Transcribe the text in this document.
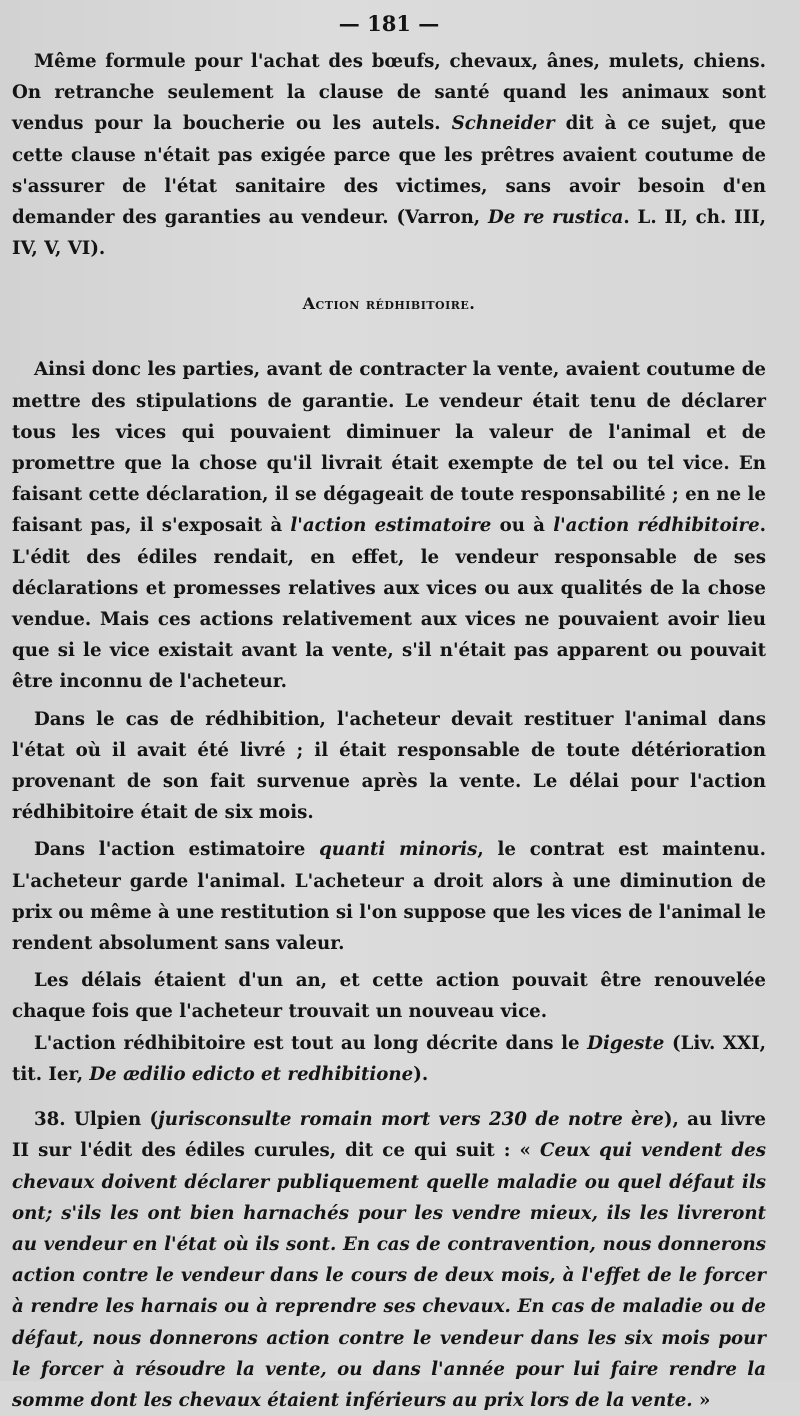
— 181 —

Même formule pour l'achat des bœufs, chevaux, ânes, mulets, chiens. On retranche seulement la clause de santé quand les animaux sont vendus pour la boucherie ou les autels. Schneider dit à ce sujet, que cette clause n'était pas exigée parce que les prêtres avaient coutume de s'assurer de l'état sanitaire des victimes, sans avoir besoin d'en demander des garanties au vendeur. (Varron, De re rustica. L. II, ch. III, IV, V, VI).

Action rédhibitoire.

Ainsi donc les parties, avant de contracter la vente, avaient coutume de mettre des stipulations de garantie. Le vendeur était tenu de déclarer tous les vices qui pouvaient diminuer la valeur de l'animal et de promettre que la chose qu'il livrait était exempte de tel ou tel vice. En faisant cette déclaration, il se dégageait de toute responsabilité ; en ne le faisant pas, il s'exposait à l'action estimatoire ou à l'action rédhibitoire. L'édit des édiles rendait, en effet, le vendeur responsable de ses déclarations et promesses relatives aux vices ou aux qualités de la chose vendue. Mais ces actions relativement aux vices ne pouvaient avoir lieu que si le vice existait avant la vente, s'il n'était pas apparent ou pouvait être inconnu de l'acheteur.

Dans le cas de rédhibition, l'acheteur devait restituer l'animal dans l'état où il avait été livré ; il était responsable de toute détérioration provenant de son fait survenue après la vente. Le délai pour l'action rédhibitoire était de six mois.

Dans l'action estimatoire quanti minoris, le contrat est maintenu. L'acheteur garde l'animal. L'acheteur a droit alors à une diminution de prix ou même à une restitution si l'on suppose que les vices de l'animal le rendent absolument sans valeur.

Les délais étaient d'un an, et cette action pouvait être renouvelée chaque fois que l'acheteur trouvait un nouveau vice.

L'action rédhibitoire est tout au long décrite dans le Digeste (Liv. XXI, tit. Ier, De ædilio edicto et redhibitione).

38. Ulpien (jurisconsulte romain mort vers 230 de notre ère), au livre II sur l'édit des édiles curules, dit ce qui suit : « Ceux qui vendent des chevaux doivent déclarer publiquement quelle maladie ou quel défaut ils ont; s'ils les ont bien harnachés pour les vendre mieux, ils les livreront au vendeur en l'état où ils sont. En cas de contravention, nous donnerons action contre le vendeur dans le cours de deux mois, à l'effet de le forcer à rendre les harnais ou à reprendre ses chevaux. En cas de maladie ou de défaut, nous donnerons action contre le vendeur dans les six mois pour le forcer à résoudre la vente, ou dans l'année pour lui faire rendre la somme dont les chevaux étaient inférieurs au prix lors de la vente. »
